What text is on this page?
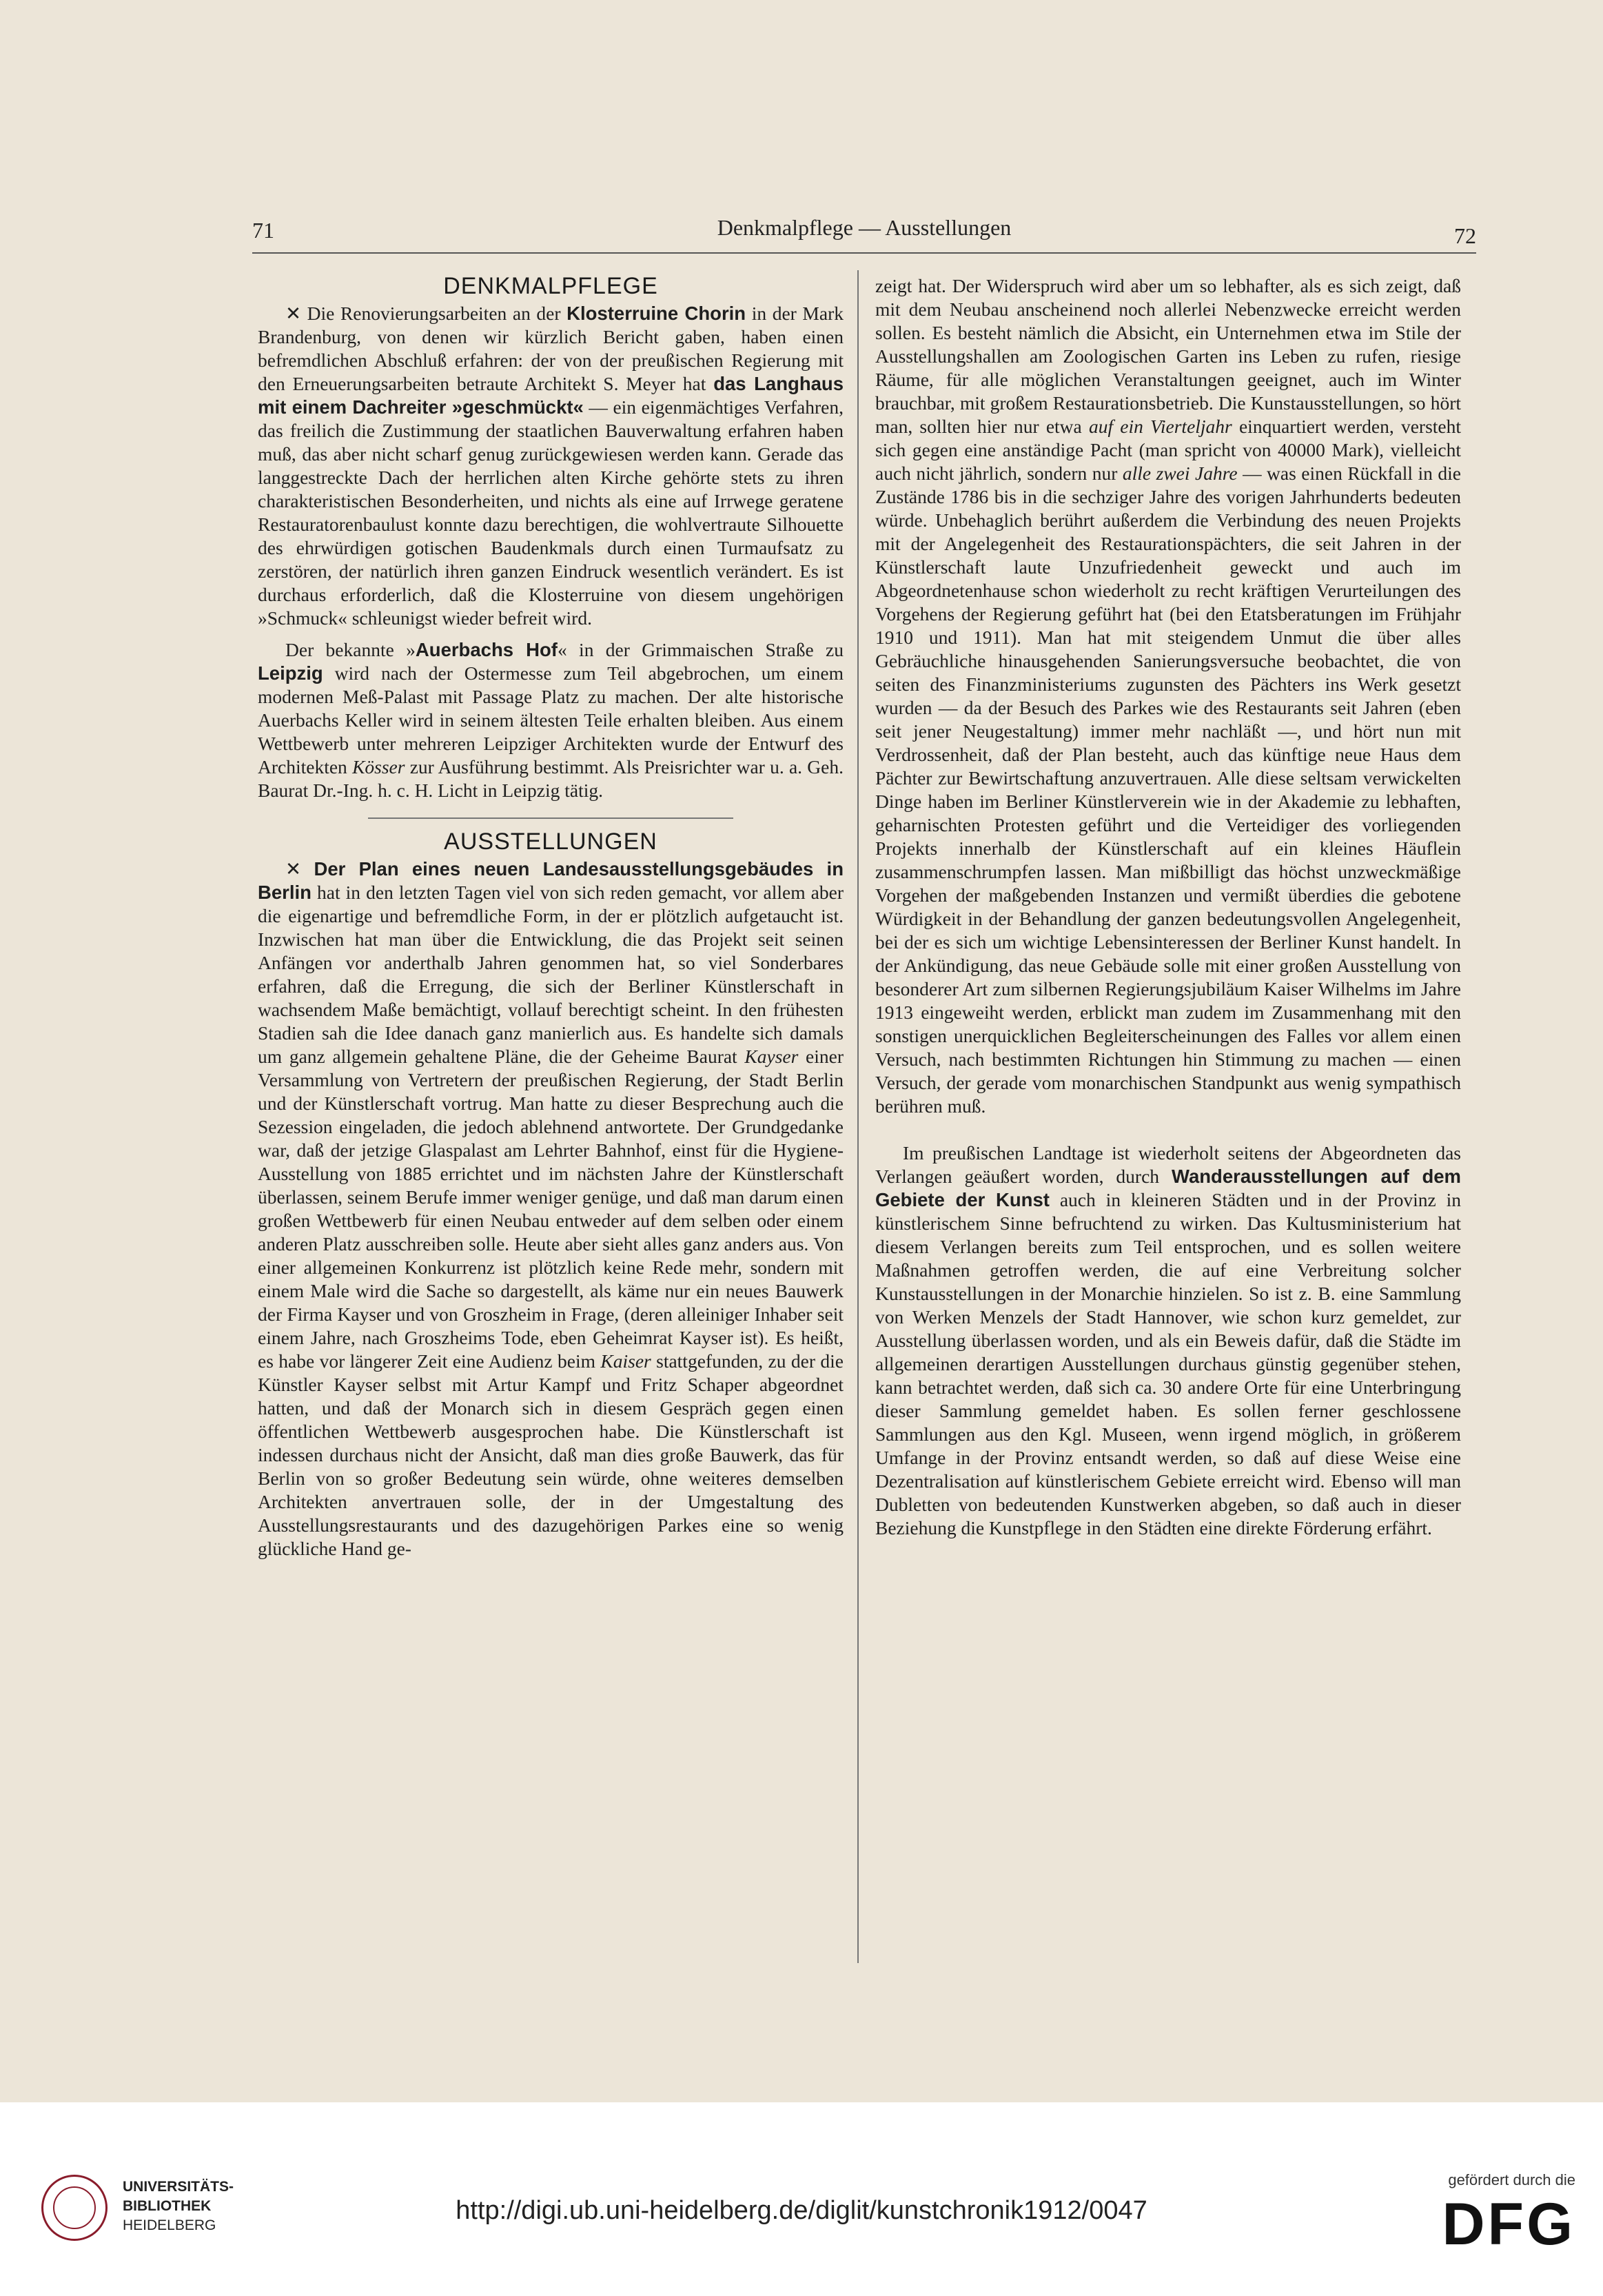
71	Denkmalpflege — Ausstellungen	72
DENKMALPFLEGE

✕ Die Renovierungsarbeiten an der Klosterruine Chorin in der Mark Brandenburg, von denen wir kürzlich Bericht gaben, haben einen befremdlichen Abschluß erfahren: der von der preußischen Regierung mit den Erneuerungsarbeiten betraute Architekt S. Meyer hat das Langhaus mit einem Dachreiter »geschmückt« — ein eigenmächtiges Verfahren, das freilich die Zustimmung der staatlichen Bauverwaltung erfahren haben muß, das aber nicht scharf genug zurückgewiesen werden kann. Gerade das langgestreckte Dach der herrlichen alten Kirche gehörte stets zu ihren charakteristischen Besonderheiten, und nichts als eine auf Irrwege geratene Restauratorenbaulust konnte dazu berechtigen, die wohlvertraute Silhouette des ehrwürdigen gotischen Baudenkmals durch einen Turmaufsatz zu zerstören, der natürlich ihren ganzen Eindruck wesentlich verändert. Es ist durchaus erforderlich, daß die Klosterruine von diesem ungehörigen »Schmuck« schleunigst wieder befreit wird.

Der bekannte »Auerbachs Hof« in der Grimmaischen Straße zu Leipzig wird nach der Ostermesse zum Teil abgebrochen, um einem modernen Meß-Palast mit Passage Platz zu machen. Der alte historische Auerbachs Keller wird in seinem ältesten Teile erhalten bleiben. Aus einem Wettbewerb unter mehreren Leipziger Architekten wurde der Entwurf des Architekten Kösser zur Ausführung bestimmt. Als Preisrichter war u. a. Geh. Baurat Dr.-Ing. h. c. H. Licht in Leipzig tätig.

AUSSTELLUNGEN

✕ Der Plan eines neuen Landesausstellungsgebäudes in Berlin hat in den letzten Tagen viel von sich reden gemacht, vor allem aber die eigenartige und befremdliche Form, in der er plötzlich aufgetaucht ist. Inzwischen hat man über die Entwicklung, die das Projekt seit seinen Anfängen vor anderthalb Jahren genommen hat, so viel Sonderbares erfahren, daß die Erregung, die sich der Berliner Künstlerschaft in wachsendem Maße bemächtigt, vollauf berechtigt scheint. In den frühesten Stadien sah die Idee danach ganz manierlich aus. Es handelte sich damals um ganz allgemein gehaltene Pläne, die der Geheime Baurat Kayser einer Versammlung von Vertretern der preußischen Regierung, der Stadt Berlin und der Künstlerschaft vortrug. Man hatte zu dieser Besprechung auch die Sezession eingeladen, die jedoch ablehnend antwortete. Der Grundgedanke war, daß der jetzige Glaspalast am Lehrter Bahnhof, einst für die Hygiene-Ausstellung von 1885 errichtet und im nächsten Jahre der Künstlerschaft überlassen, seinem Berufe immer weniger genüge, und daß man darum einen großen Wettbewerb für einen Neubau entweder auf dem selben oder einem anderen Platz ausschreiben solle. Heute aber sieht alles ganz anders aus. Von einer allgemeinen Konkurrenz ist plötzlich keine Rede mehr, sondern mit einem Male wird die Sache so dargestellt, als käme nur ein neues Bauwerk der Firma Kayser und von Groszheim in Frage, (deren alleiniger Inhaber seit einem Jahre, nach Groszheims Tode, eben Geheimrat Kayser ist). Es heißt, es habe vor längerer Zeit eine Audienz beim Kaiser stattgefunden, zu der die Künstler Kayser selbst mit Artur Kampf und Fritz Schaper abgeordnet hatten, und daß der Monarch sich in diesem Gespräch gegen einen öffentlichen Wettbewerb ausgesprochen habe. Die Künstlerschaft ist indessen durchaus nicht der Ansicht, daß man dies große Bauwerk, das für Berlin von so großer Bedeutung sein würde, ohne weiteres demselben Architekten anvertrauen solle, der in der Umgestaltung des Ausstellungsrestaurants und des dazugehörigen Parkes eine so wenig glückliche Hand ge-

zeigt hat. Der Widerspruch wird aber um so lebhafter, als es sich zeigt, daß mit dem Neubau anscheinend noch allerlei Nebenzwecke erreicht werden sollen. Es besteht nämlich die Absicht, ein Unternehmen etwa im Stile der Ausstellungshallen am Zoologischen Garten ins Leben zu rufen, riesige Räume, für alle möglichen Veranstaltungen geeignet, auch im Winter brauchbar, mit großem Restaurationsbetrieb. Die Kunstausstellungen, so hört man, sollten hier nur etwa auf ein Vierteljahr einquartiert werden, versteht sich gegen eine anständige Pacht (man spricht von 40000 Mark), vielleicht auch nicht jährlich, sondern nur alle zwei Jahre — was einen Rückfall in die Zustände 1786 bis in die sechziger Jahre des vorigen Jahrhunderts bedeuten würde. Unbehaglich berührt außerdem die Verbindung des neuen Projekts mit der Angelegenheit des Restaurationspächters, die seit Jahren in der Künstlerschaft laute Unzufriedenheit geweckt und auch im Abgeordnetenhause schon wiederholt zu recht kräftigen Verurteilungen des Vorgehens der Regierung geführt hat (bei den Etatsberatungen im Frühjahr 1910 und 1911). Man hat mit steigendem Unmut die über alles Gebräuchliche hinausgehenden Sanierungsversuche beobachtet, die von seiten des Finanzministeriums zugunsten des Pächters ins Werk gesetzt wurden — da der Besuch des Parkes wie des Restaurants seit Jahren (eben seit jener Neugestaltung) immer mehr nachläßt —, und hört nun mit Verdrossenheit, daß der Plan besteht, auch das künftige neue Haus dem Pächter zur Bewirtschaftung anzuvertrauen. Alle diese seltsam verwickelten Dinge haben im Berliner Künstlerverein wie in der Akademie zu lebhaften, geharnischten Protesten geführt und die Verteidiger des vorliegenden Projekts innerhalb der Künstlerschaft auf ein kleines Häuflein zusammenschrumpfen lassen. Man mißbilligt das höchst unzweckmäßige Vorgehen der maßgebenden Instanzen und vermißt überdies die gebotene Würdigkeit in der Behandlung der ganzen bedeutungsvollen Angelegenheit, bei der es sich um wichtige Lebensinteressen der Berliner Kunst handelt. In der Ankündigung, das neue Gebäude solle mit einer großen Ausstellung von besonderer Art zum silbernen Regierungsjubiläum Kaiser Wilhelms im Jahre 1913 eingeweiht werden, erblickt man zudem im Zusammenhang mit den sonstigen unerquicklichen Begleiterscheinungen des Falles vor allem einen Versuch, nach bestimmten Richtungen hin Stimmung zu machen — einen Versuch, der gerade vom monarchischen Standpunkt aus wenig sympathisch berühren muß.

Im preußischen Landtage ist wiederholt seitens der Abgeordneten das Verlangen geäußert worden, durch Wanderausstellungen auf dem Gebiete der Kunst auch in kleineren Städten und in der Provinz in künstlerischem Sinne befruchtend zu wirken. Das Kultusministerium hat diesem Verlangen bereits zum Teil entsprochen, und es sollen weitere Maßnahmen getroffen werden, die auf eine Verbreitung solcher Kunstausstellungen in der Monarchie hinzielen. So ist z. B. eine Sammlung von Werken Menzels der Stadt Hannover, wie schon kurz gemeldet, zur Ausstellung überlassen worden, und als ein Beweis dafür, daß die Städte im allgemeinen derartigen Ausstellungen durchaus günstig gegenüber stehen, kann betrachtet werden, daß sich ca. 30 andere Orte für eine Unterbringung dieser Sammlung gemeldet haben. Es sollen ferner geschlossene Sammlungen aus den Kgl. Museen, wenn irgend möglich, in größerem Umfange in der Provinz entsandt werden, so daß auf diese Weise eine Dezentralisation auf künstlerischem Gebiete erreicht wird. Ebenso will man Dubletten von bedeutenden Kunstwerken abgeben, so daß auch in dieser Beziehung die Kunstpflege in den Städten eine direkte Förderung erfährt.

UNIVERSITÄTS-
BIBLIOTHEK
HEIDELBERG
http://digi.ub.uni-heidelberg.de/diglit/kunstchronik1912/0047
gefördert durch die
DFG
